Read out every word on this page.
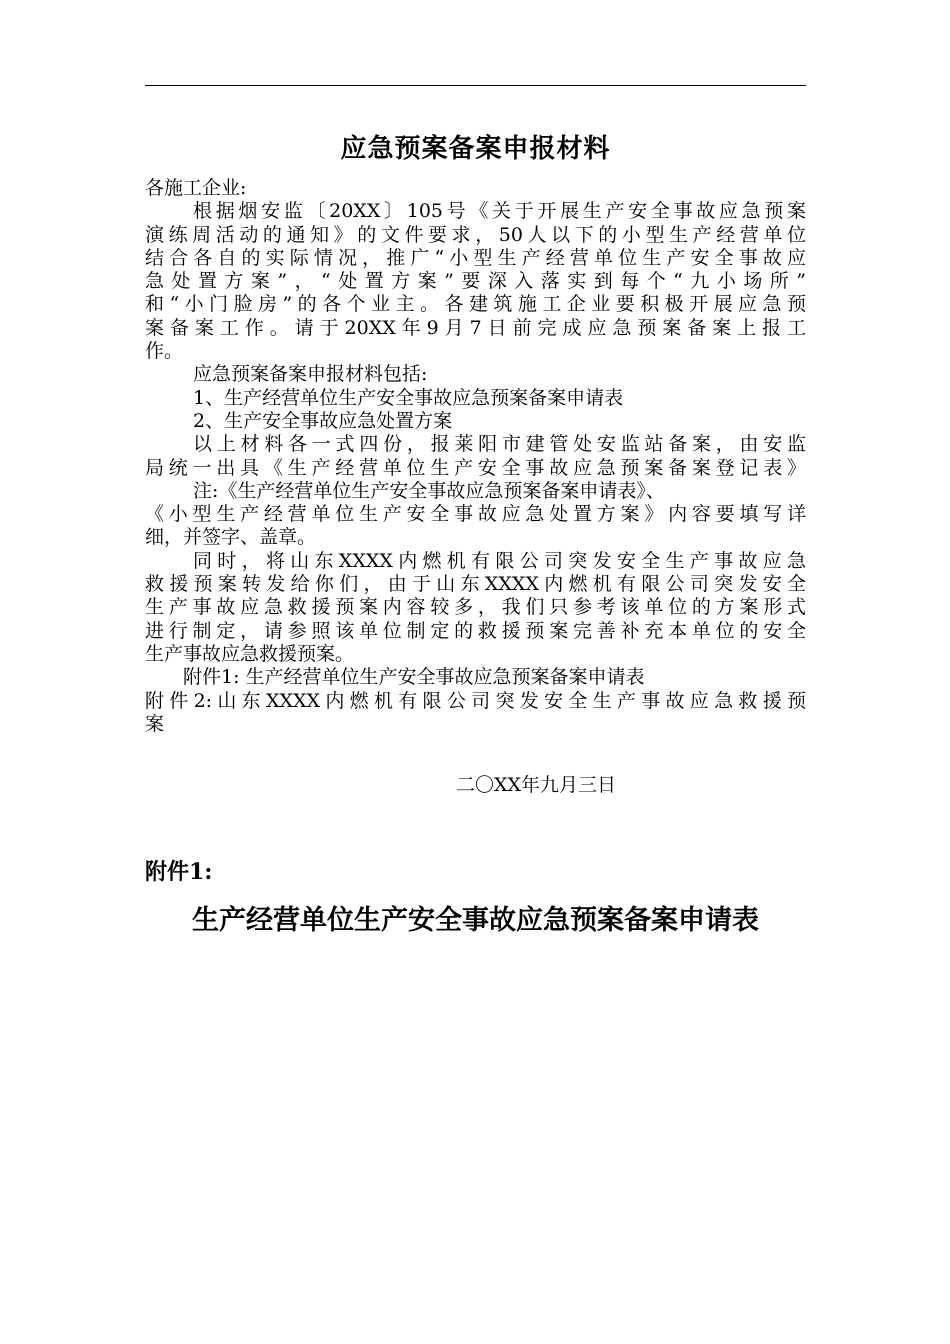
应急预案备案申报材料
各施工企业:
根据烟安监〔20XX〕105号《关于开展生产安全事故应急预案
演练周活动的通知》的文件要求，50人以下的小型生产经营单位
结合各自的实际情况，推广“小型生产经营单位生产安全事故应
急处置方案”，“处置方案”要深入落实到每个“九小场所”
和“小门脸房”的各个业主。各建筑施工企业要积极开展应急预
案备案工作。请于20XX年9月7日前完成应急预案备案上报工
作。
应急预案备案申报材料包括:
1、生产经营单位生产安全事故应急预案备案申请表
2、生产安全事故应急处置方案
以上材料各一式四份，报莱阳市建管处安监站备案，由安监
局统一出具《生产经营单位生产安全事故应急预案备案登记表》
注:《生产经营单位生产安全事故应急预案备案申请表》、
《小型生产经营单位生产安全事故应急处置方案》内容要填写详
细，并签字、盖章。
同时，将山东XXXX内燃机有限公司突发安全生产事故应急
救援预案转发给你们，由于山东XXXX内燃机有限公司突发安全
生产事故应急救援预案内容较多，我们只参考该单位的方案形式
进行制定，请参照该单位制定的救援预案完善补充本单位的安全
生产事故应急救援预案。
附件1: 生产经营单位生产安全事故应急预案备案申请表
附件2:山东XXXX内燃机有限公司突发安全生产事故应急救援预
案
二〇XX年九月三日
附件1:
生产经营单位生产安全事故应急预案备案申请表
